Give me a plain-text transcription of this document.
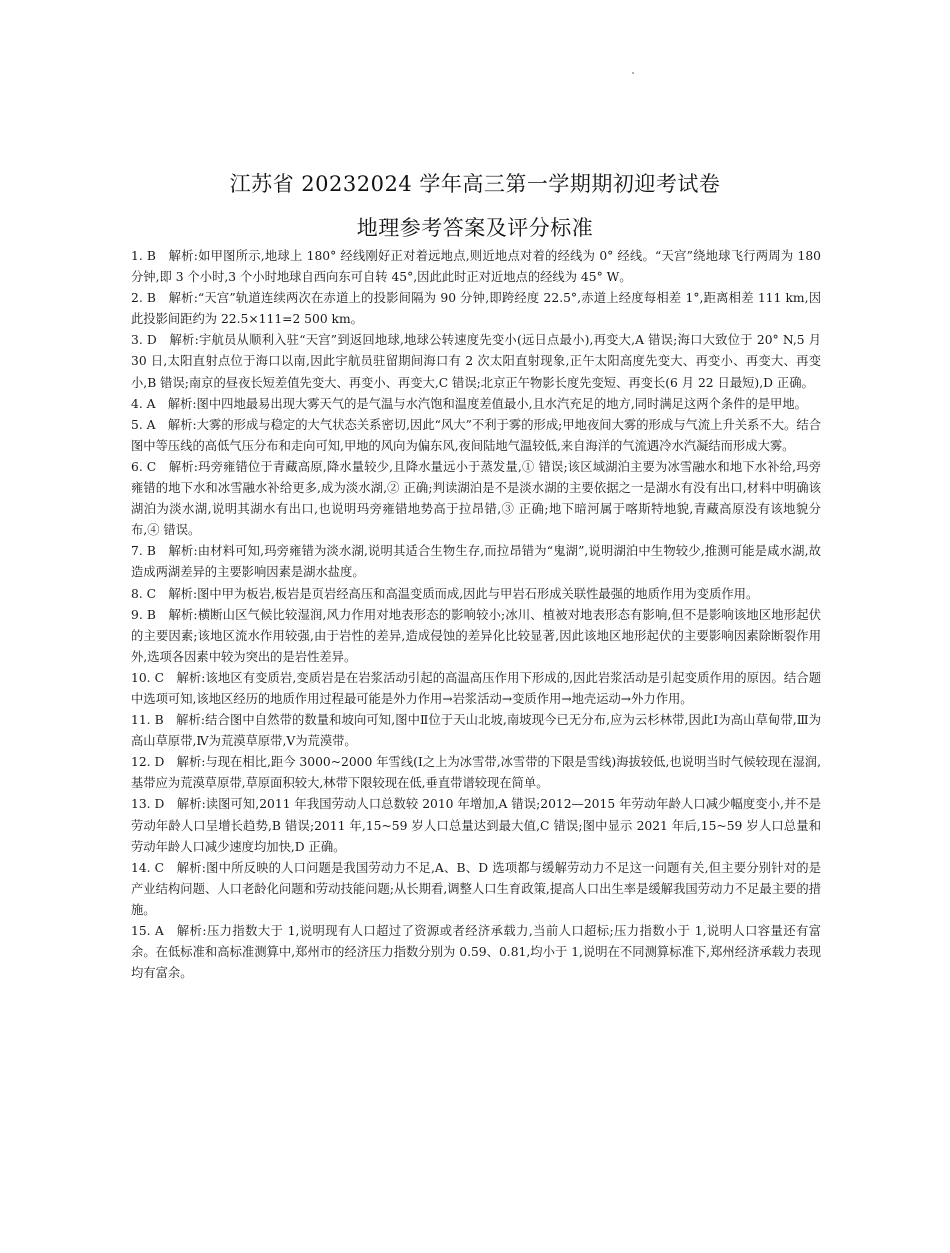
江苏省 20232024 学年高三第一学期期初迎考试卷
地理参考答案及评分标准

1. B　解析:如甲图所示,地球上 180° 经线刚好正对着远地点,则近地点对着的经线为 0° 经线。“天宫”绕地球飞行两周为 180 分钟,即 3 个小时,3 个小时地球自西向东可自转 45°,因此此时正对近地点的经线为 45° W。

2. B　解析:“天宫”轨道连续两次在赤道上的投影间隔为 90 分钟,即跨经度 22.5°,赤道上经度每相差 1°,距离相差 111 km,因此投影间距约为 22.5×111=2 500 km。

3. D　解析:宇航员从顺利入驻“天宫”到返回地球,地球公转速度先变小(远日点最小),再变大,A 错误;海口大致位于 20° N,5 月 30 日,太阳直射点位于海口以南,因此宇航员驻留期间海口有 2 次太阳直射现象,正午太阳高度先变大、再变小、再变大、再变小,B 错误;南京的昼夜长短差值先变大、再变小、再变大,C 错误;北京正午物影长度先变短、再变长(6 月 22 日最短),D 正确。

4. A　解析:图中四地最易出现大雾天气的是气温与水汽饱和温度差值最小,且水汽充足的地方,同时满足这两个条件的是甲地。

5. A　解析:大雾的形成与稳定的大气状态关系密切,因此“风大”不利于雾的形成;甲地夜间大雾的形成与气流上升关系不大。结合图中等压线的高低气压分布和走向可知,甲地的风向为偏东风,夜间陆地气温较低,来自海洋的气流遇冷水汽凝结而形成大雾。

6. C　解析:玛旁雍错位于青藏高原,降水量较少,且降水量远小于蒸发量,① 错误;该区域湖泊主要为冰雪融水和地下水补给,玛旁雍错的地下水和冰雪融水补给更多,成为淡水湖,② 正确;判读湖泊是不是淡水湖的主要依据之一是湖水有没有出口,材料中明确该湖泊为淡水湖,说明其湖水有出口,也说明玛旁雍错地势高于拉昂错,③ 正确;地下暗河属于喀斯特地貌,青藏高原没有该地貌分布,④ 错误。

7. B　解析:由材料可知,玛旁雍错为淡水湖,说明其适合生物生存,而拉昂错为“鬼湖”,说明湖泊中生物较少,推测可能是咸水湖,故造成两湖差异的主要影响因素是湖水盐度。

8. C　解析:图中甲为板岩,板岩是页岩经高压和高温变质而成,因此与甲岩石形成关联性最强的地质作用为变质作用。

9. B　解析:横断山区气候比较湿润,风力作用对地表形态的影响较小;冰川、植被对地表形态有影响,但不是影响该地区地形起伏的主要因素;该地区流水作用较强,由于岩性的差异,造成侵蚀的差异化比较显著,因此该地区地形起伏的主要影响因素除断裂作用外,选项各因素中较为突出的是岩性差异。

10. C　解析:该地区有变质岩,变质岩是在岩浆活动引起的高温高压作用下形成的,因此岩浆活动是引起变质作用的原因。结合题中选项可知,该地区经历的地质作用过程最可能是外力作用→岩浆活动→变质作用→地壳运动→外力作用。

11. B　解析:结合图中自然带的数量和坡向可知,图中Ⅱ位于天山北坡,南坡现今已无分布,应为云杉林带,因此Ⅰ为高山草甸带,Ⅲ为高山草原带,Ⅳ为荒漠草原带,Ⅴ为荒漠带。

12. D　解析:与现在相比,距今 3000~2000 年雪线(Ⅰ之上为冰雪带,冰雪带的下限是雪线)海拔较低,也说明当时气候较现在湿润,基带应为荒漠草原带,草原面积较大,林带下限较现在低,垂直带谱较现在简单。

13. D　解析:读图可知,2011 年我国劳动人口总数较 2010 年增加,A 错误;2012—2015 年劳动年龄人口减少幅度变小,并不是劳动年龄人口呈增长趋势,B 错误;2011 年,15~59 岁人口总量达到最大值,C 错误;图中显示 2021 年后,15~59 岁人口总量和劳动年龄人口减少速度均加快,D 正确。

14. C　解析:图中所反映的人口问题是我国劳动力不足,A、B、D 选项都与缓解劳动力不足这一问题有关,但主要分别针对的是产业结构问题、人口老龄化问题和劳动技能问题;从长期看,调整人口生育政策,提高人口出生率是缓解我国劳动力不足最主要的措施。

15. A　解析:压力指数大于 1,说明现有人口超过了资源或者经济承载力,当前人口超标;压力指数小于 1,说明人口容量还有富余。在低标准和高标准测算中,郑州市的经济压力指数分别为 0.59、0.81,均小于 1,说明在不同测算标准下,郑州经济承载力表现均有富余。
